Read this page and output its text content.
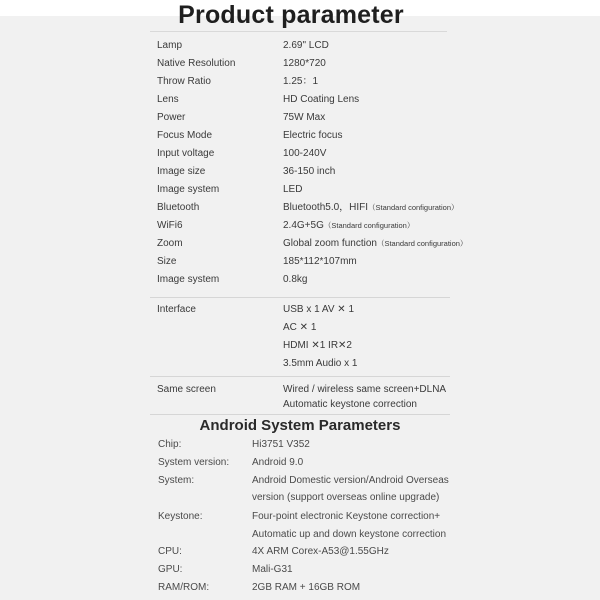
Product parameter
Lamp	2.69" LCD
Native Resolution	1280*720
Throw Ratio	1.25：1
Lens	HD Coating Lens
Power	75W Max
Focus Mode	Electric focus
Input voltage	100-240V
Image size	36-150 inch
Image system	LED
Bluetooth	Bluetooth5.0，HIFI（Standard configuration）
WiFi6	2.4G+5G（Standard configuration）
Zoom	Global zoom function（Standard configuration）
Size	185*112*107mm
Image system	0.8kg
Interface	USB x 1 AV ✕ 1
AC ✕ 1
HDMI ✕1 IR✕2
3.5mm Audio x 1
Same screen	Wired / wireless same screen+DLNA
Automatic keystone correction
Android System Parameters
Chip:	Hi3751 V352
System version: Android 9.0
System:	Android Domestic version/Android Overseas
version (support overseas online upgrade)
Keystone:	Four-point electronic Keystone correction+
Automatic up and down keystone correction
CPU:	4X ARM Corex-A53@1.55GHz
GPU:	Mali-G31
RAM/ROM:	2GB RAM + 16GB ROM
